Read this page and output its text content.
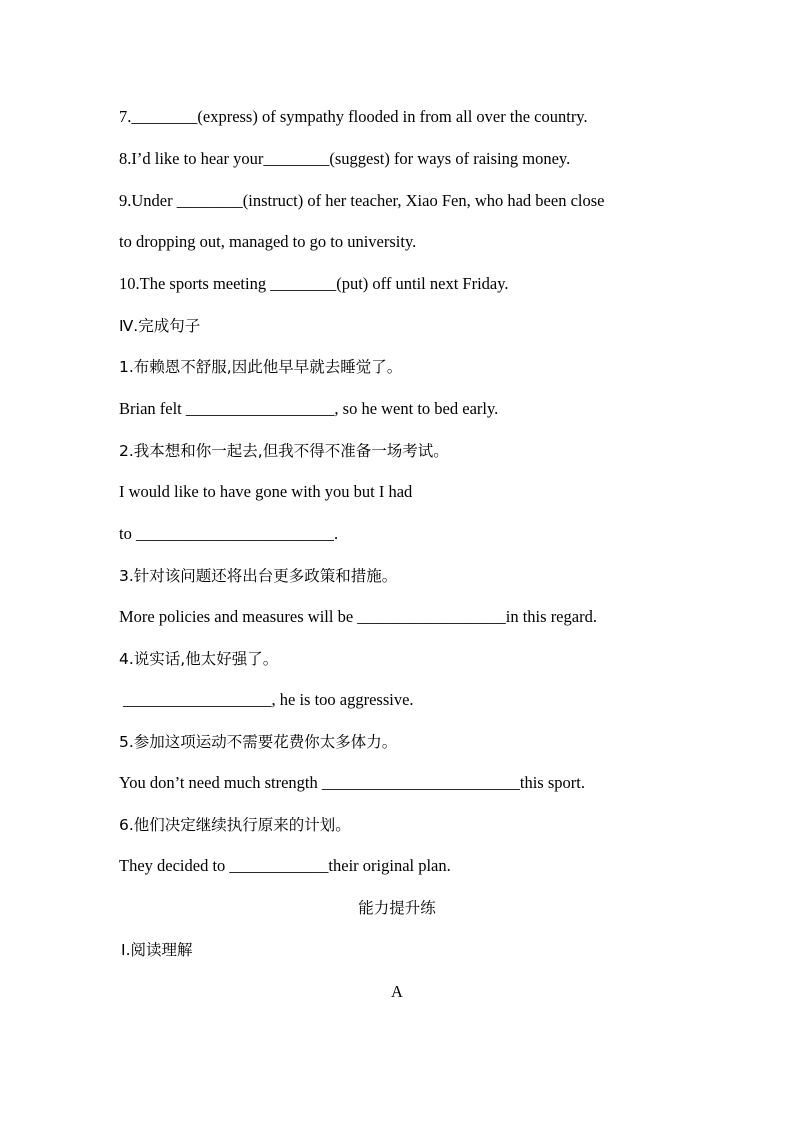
7.________(express) of sympathy flooded in from all over the country.
8.I’d like to hear your________(suggest) for ways of raising money.
9.Under ________(instruct) of her teacher, Xiao Fen, who had been close
to dropping out, managed to go to university.
10.The sports meeting ________(put) off until next Friday.
Ⅳ.完成句子
1.布赖恩不舒服,因此他早早就去睡觉了。
Brian felt __________________, so he went to bed early.
2.我本想和你一起去,但我不得不准备一场考试。
I would like to have gone with you but I had
to ________________________.
3.针对该问题还将出台更多政策和措施。
More policies and measures will be __________________in this regard.
4.说实话,他太好强了。
__________________, he is too aggressive.
5.参加这项运动不需要花费你太多体力。
You don’t need much strength ________________________this sport.
6.他们决定继续执行原来的计划。
They decided to ____________their original plan.
能力提升练
Ⅰ.阅读理解
A
